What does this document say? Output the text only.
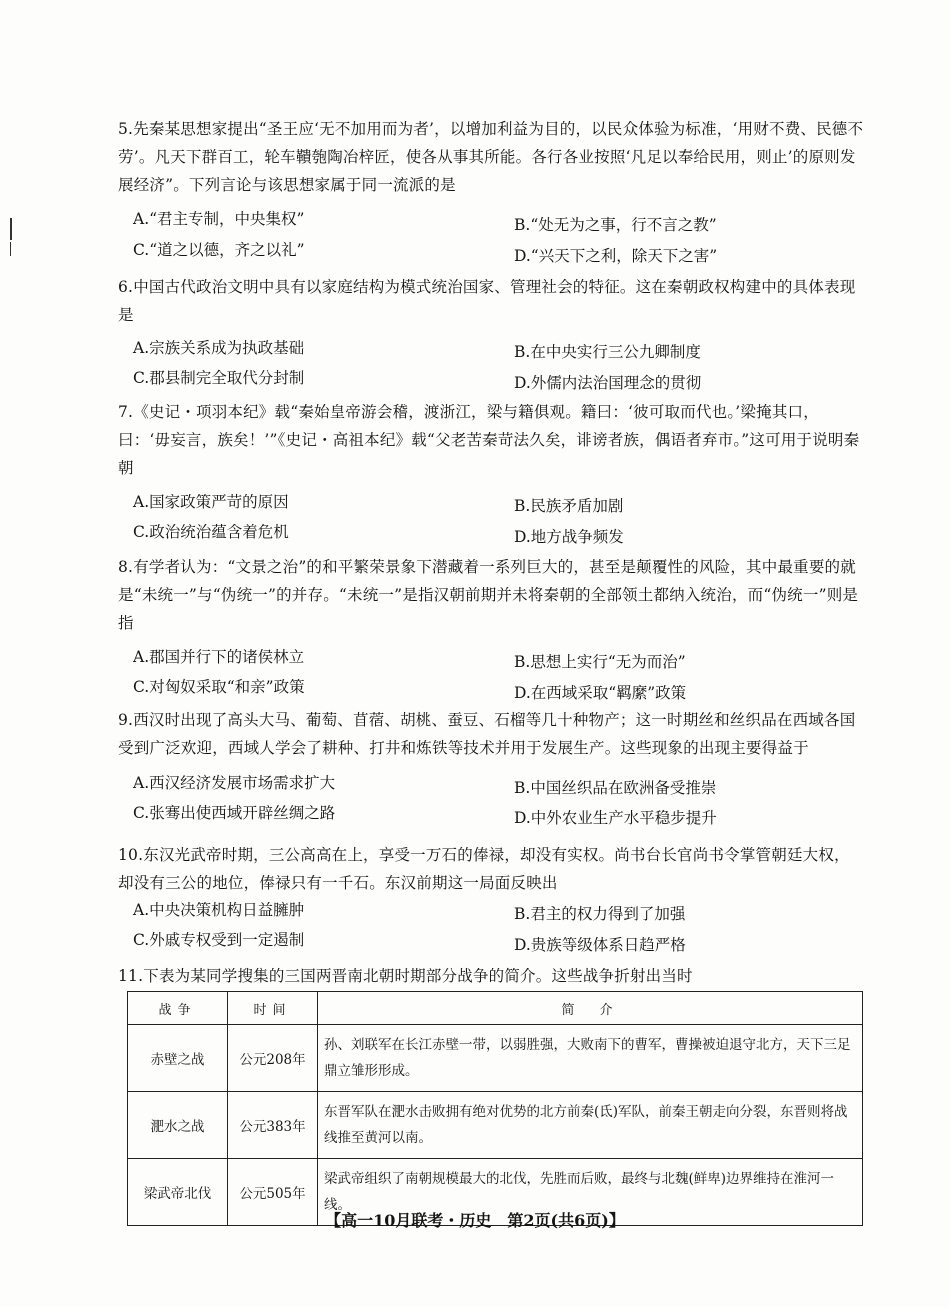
5.先秦某思想家提出“圣王应‘无不加用而为者’，以增加利益为目的，以民众体验为标准，‘用财不费、民德不劳’。凡天下群百工，轮车鞼匏陶冶梓匠，使各从事其所能。各行各业按照‘凡足以奉给民用，则止’的原则发展经济”。下列言论与该思想家属于同一流派的是
A.“君主专制，中央集权”	B.“处无为之事，行不言之教”
C.“道之以德，齐之以礼”	D.“兴天下之利，除天下之害”
6.中国古代政治文明中具有以家庭结构为模式统治国家、管理社会的特征。这在秦朝政权构建中的具体表现是
A.宗族关系成为执政基础	B.在中央实行三公九卿制度
C.郡县制完全取代分封制	D.外儒内法治国理念的贯彻
7.《史记・项羽本纪》载“秦始皇帝游会稽，渡浙江，梁与籍俱观。籍曰：‘彼可取而代也。’梁掩其口，曰：‘毋妄言，族矣！’”《史记・高祖本纪》载“父老苦秦苛法久矣，诽谤者族，偶语者弃市。”这可用于说明秦朝
A.国家政策严苛的原因	B.民族矛盾加剧
C.政治统治蕴含着危机	D.地方战争频发
8.有学者认为：“文景之治”的和平繁荣景象下潜藏着一系列巨大的，甚至是颠覆性的风险，其中最重要的就是“未统一”与“伪统一”的并存。“未统一”是指汉朝前期并未将秦朝的全部领土都纳入统治，而“伪统一”则是指
A.郡国并行下的诸侯林立	B.思想上实行“无为而治”
C.对匈奴采取“和亲”政策	D.在西域采取“羁縻”政策
9.西汉时出现了高头大马、葡萄、苜蓿、胡桃、蚕豆、石榴等几十种物产；这一时期丝和丝织品在西域各国受到广泛欢迎，西域人学会了耕种、打井和炼铁等技术并用于发展生产。这些现象的出现主要得益于
A.西汉经济发展市场需求扩大	B.中国丝织品在欧洲备受推崇
C.张骞出使西域开辟丝绸之路	D.中外农业生产水平稳步提升
10.东汉光武帝时期，三公高高在上，享受一万石的俸禄，却没有实权。尚书台长官尚书令掌管朝廷大权，却没有三公的地位，俸禄只有一千石。东汉前期这一局面反映出
A.中央决策机构日益臃肿	B.君主的权力得到了加强
C.外戚专权受到一定遏制	D.贵族等级体系日趋严格
11.下表为某同学搜集的三国两晋南北朝时期部分战争的简介。这些战争折射出当时
战争	时间	简　介
赤壁之战	公元208年	孙、刘联军在长江赤壁一带，以弱胜强，大败南下的曹军，曹操被迫退守北方，天下三足鼎立雏形形成。
淝水之战	公元383年	东晋军队在淝水击败拥有绝对优势的北方前秦(氐)军队，前秦王朝走向分裂，东晋则将战线推至黄河以南。
梁武帝北伐	公元505年	梁武帝组织了南朝规模最大的北伐，先胜而后败，最终与北魏(鲜卑)边界维持在淮河一线。
【高一10月联考・历史　第2页(共6页)】
